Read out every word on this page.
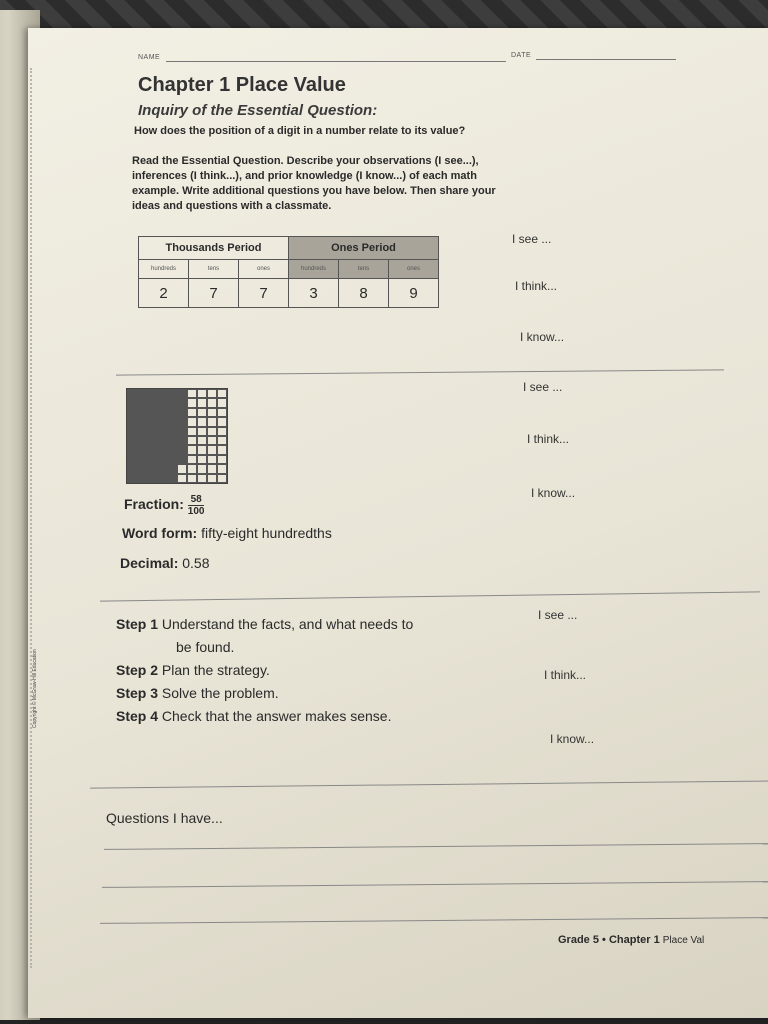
NAME	DATE
Chapter 1 Place Value
Inquiry of the Essential Question:
How does the position of a digit in a number relate to its value?
Read the Essential Question. Describe your observations (I see...),
inferences (I think...), and prior knowledge (I know...) of each math
example. Write additional questions you have below. Then share your
ideas and questions with a classmate.
Thousands Period			Ones Period		
hundreds	tens	ones	hundreds	tens	ones
2	7	7	3	8	9
I see ...
I think...
I know...
Fraction: $\frac{58}{100}$
Word form: fifty-eight hundredths
Decimal: 0.58
I see ...
I think...
I know...
Step 1 Understand the facts, and what needs to
be found.
Step 2 Plan the strategy.
Step 3 Solve the problem.
Step 4 Check that the answer makes sense.
I see ...
I think...
I know...
Questions I have...
Grade 5 • Chapter 1 Place Val
Copyright © McGraw-Hill Education
